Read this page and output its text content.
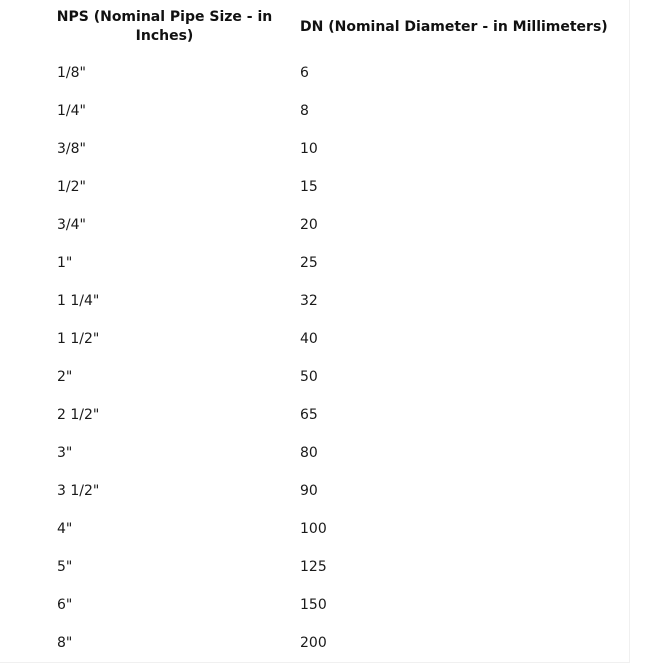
NPS (Nominal Pipe Size - in Inches)	DN (Nominal Diameter - in Millimeters)
1/8"	6
1/4"	8
3/8"	10
1/2"	15
3/4"	20
1"	25
1 1/4"	32
1 1/2"	40
2"	50
2 1/2"	65
3"	80
3 1/2"	90
4"	100
5"	125
6"	150
8"	200
